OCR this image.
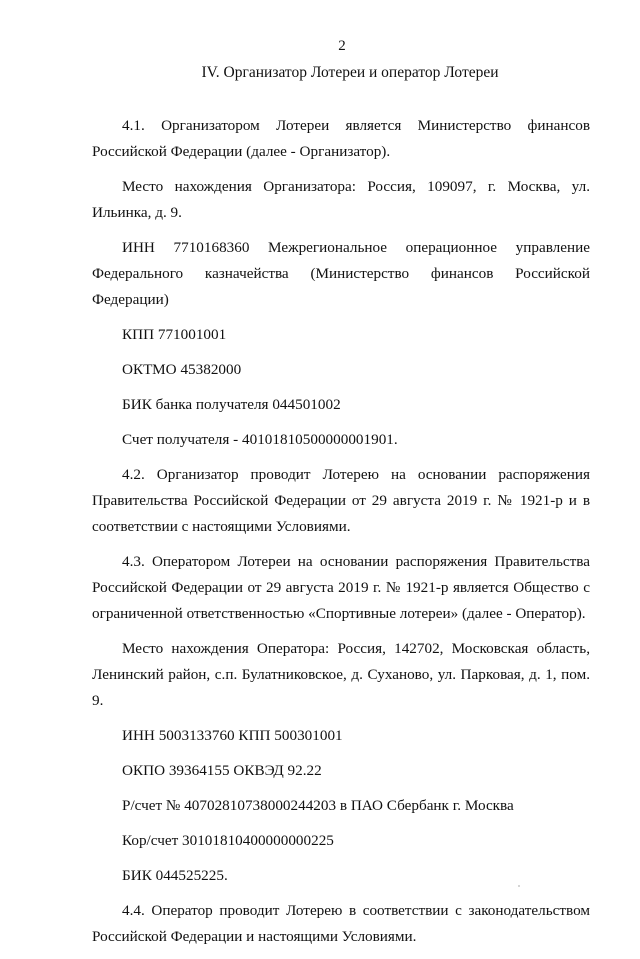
2
IV. Организатор Лотереи и оператор Лотереи

4.1. Организатором Лотереи является Министерство финансов Российской Федерации (далее - Организатор).

Место нахождения Организатора: Россия, 109097, г. Москва, ул. Ильинка, д. 9.

ИНН 7710168360 Межрегиональное операционное управление Федерального казначейства (Министерство финансов Российской Федерации)

КПП 771001001

ОКТМО 45382000

БИК банка получателя 044501002

Счет получателя - 40101810500000001901.

4.2. Организатор проводит Лотерею на основании распоряжения Правительства Российской Федерации от 29 августа 2019 г. № 1921-р и в соответствии с настоящими Условиями.

4.3. Оператором Лотереи на основании распоряжения Правительства Российской Федерации от 29 августа 2019 г. № 1921-р является Общество с ограниченной ответственностью «Спортивные лотереи» (далее - Оператор).

Место нахождения Оператора: Россия, 142702, Московская область, Ленинский район, с.п. Булатниковское, д. Суханово, ул. Парковая, д. 1, пом. 9.

ИНН 5003133760 КПП 500301001

ОКПО 39364155 ОКВЭД 92.22

Р/счет № 40702810738000244203 в ПАО Сбербанк г. Москва

Кор/счет 30101810400000000225

БИК 044525225.

4.4. Оператор проводит Лотерею в соответствии с законодательством Российской Федерации и настоящими Условиями.
